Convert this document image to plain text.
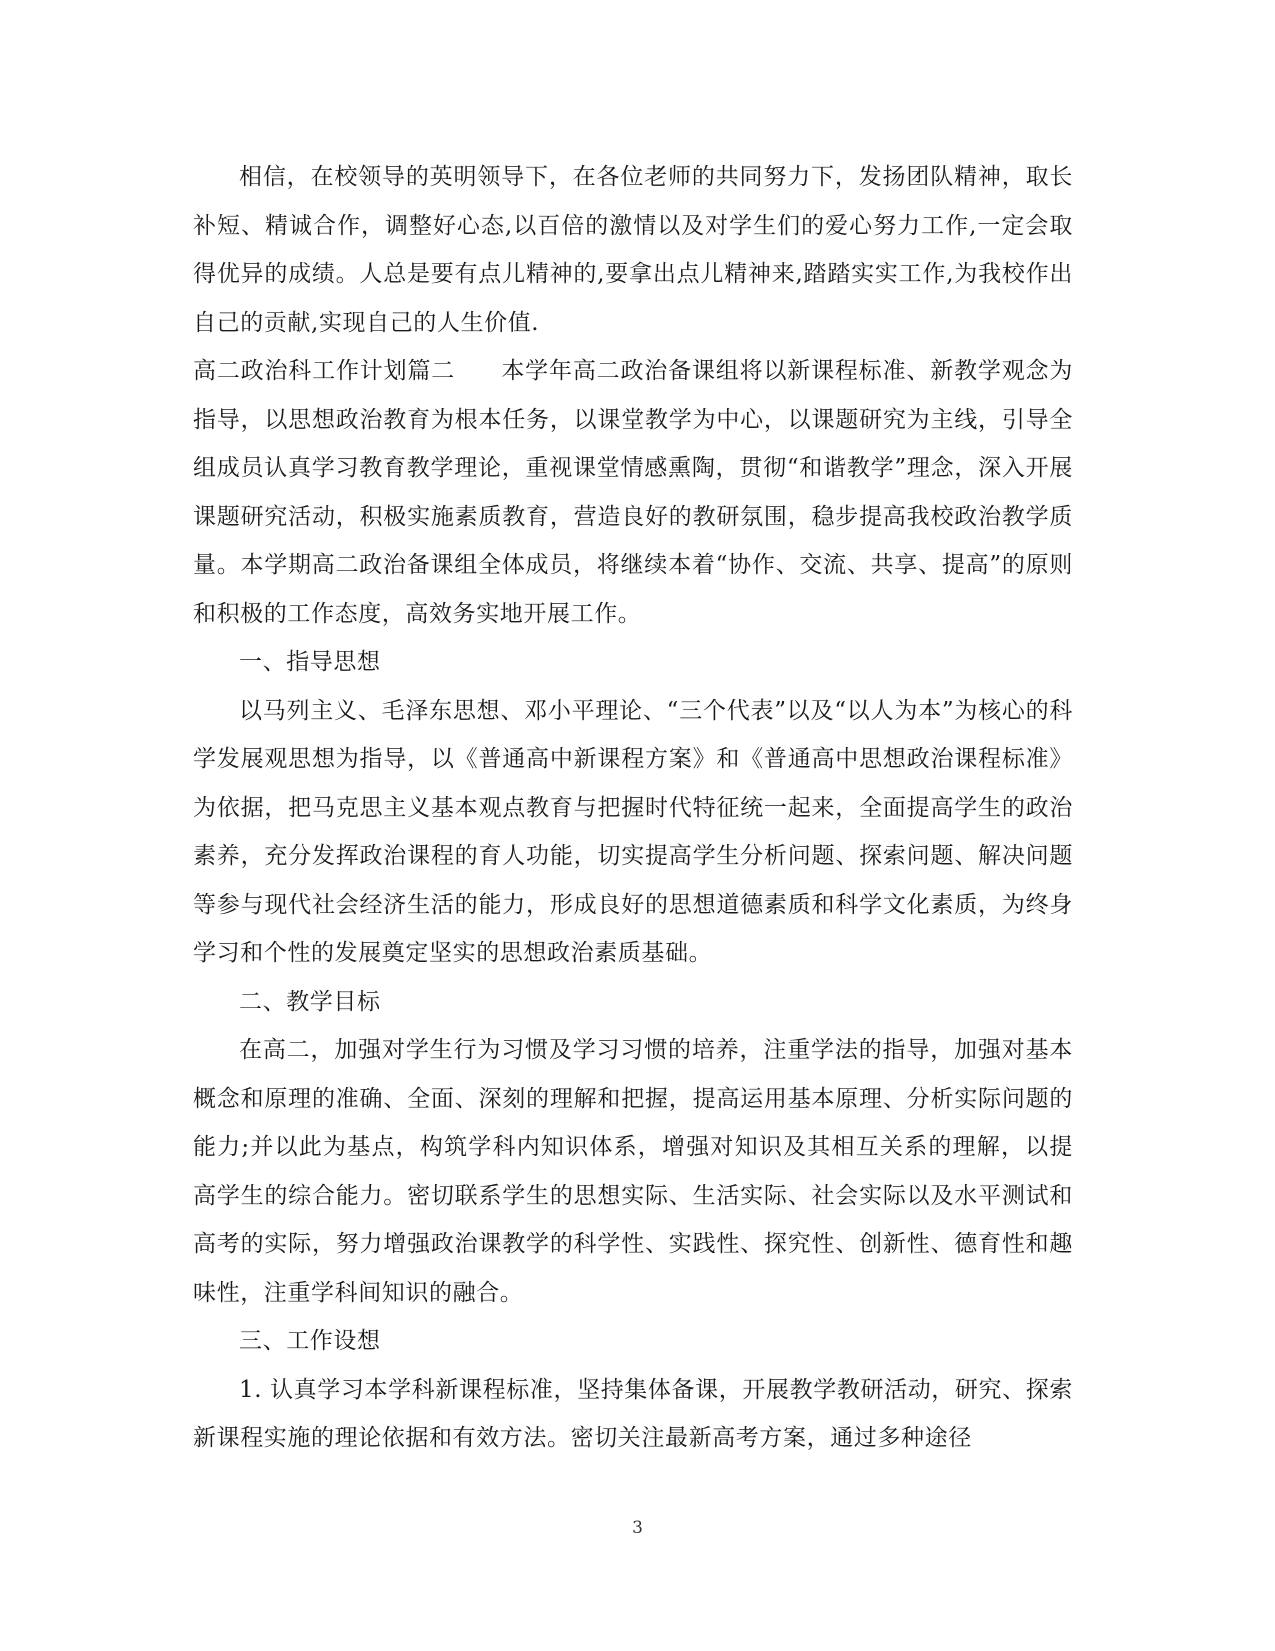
相信，在校领导的英明领导下，在各位老师的共同努力下，发扬团队精神，取长补短、精诚合作，调整好心态,以百倍的激情以及对学生们的爱心努力工作,一定会取得优异的成绩。人总是要有点儿精神的,要拿出点儿精神来,踏踏实实工作,为我校作出自己的贡献,实现自己的人生价值.

高二政治科工作计划篇二 本学年高二政治备课组将以新课程标准、新教学观念为指导，以思想政治教育为根本任务，以课堂教学为中心，以课题研究为主线，引导全组成员认真学习教育教学理论，重视课堂情感熏陶，贯彻“和谐教学”理念，深入开展课题研究活动，积极实施素质教育，营造良好的教研氛围，稳步提高我校政治教学质量。本学期高二政治备课组全体成员，将继续本着“协作、交流、共享、提高”的原则和积极的工作态度，高效务实地开展工作。

一、指导思想

以马列主义、毛泽东思想、邓小平理论、“三个代表”以及“以人为本”为核心的科学发展观思想为指导，以《普通高中新课程方案》和《普通高中思想政治课程标准》为依据，把马克思主义基本观点教育与把握时代特征统一起来，全面提高学生的政治素养，充分发挥政治课程的育人功能，切实提高学生分析问题、探索问题、解决问题等参与现代社会经济生活的能力，形成良好的思想道德素质和科学文化素质，为终身学习和个性的发展奠定坚实的思想政治素质基础。

二、教学目标

在高二，加强对学生行为习惯及学习习惯的培养，注重学法的指导，加强对基本概念和原理的准确、全面、深刻的理解和把握，提高运用基本原理、分析实际问题的能力;并以此为基点，构筑学科内知识体系，增强对知识及其相互关系的理解，以提高学生的综合能力。密切联系学生的思想实际、生活实际、社会实际以及水平测试和高考的实际，努力增强政治课教学的科学性、实践性、探究性、创新性、德育性和趣味性，注重学科间知识的融合。

三、工作设想

1. 认真学习本学科新课程标准，坚持集体备课，开展教学教研活动，研究、探索新课程实施的理论依据和有效方法。密切关注最新高考方案，通过多种途径

3
